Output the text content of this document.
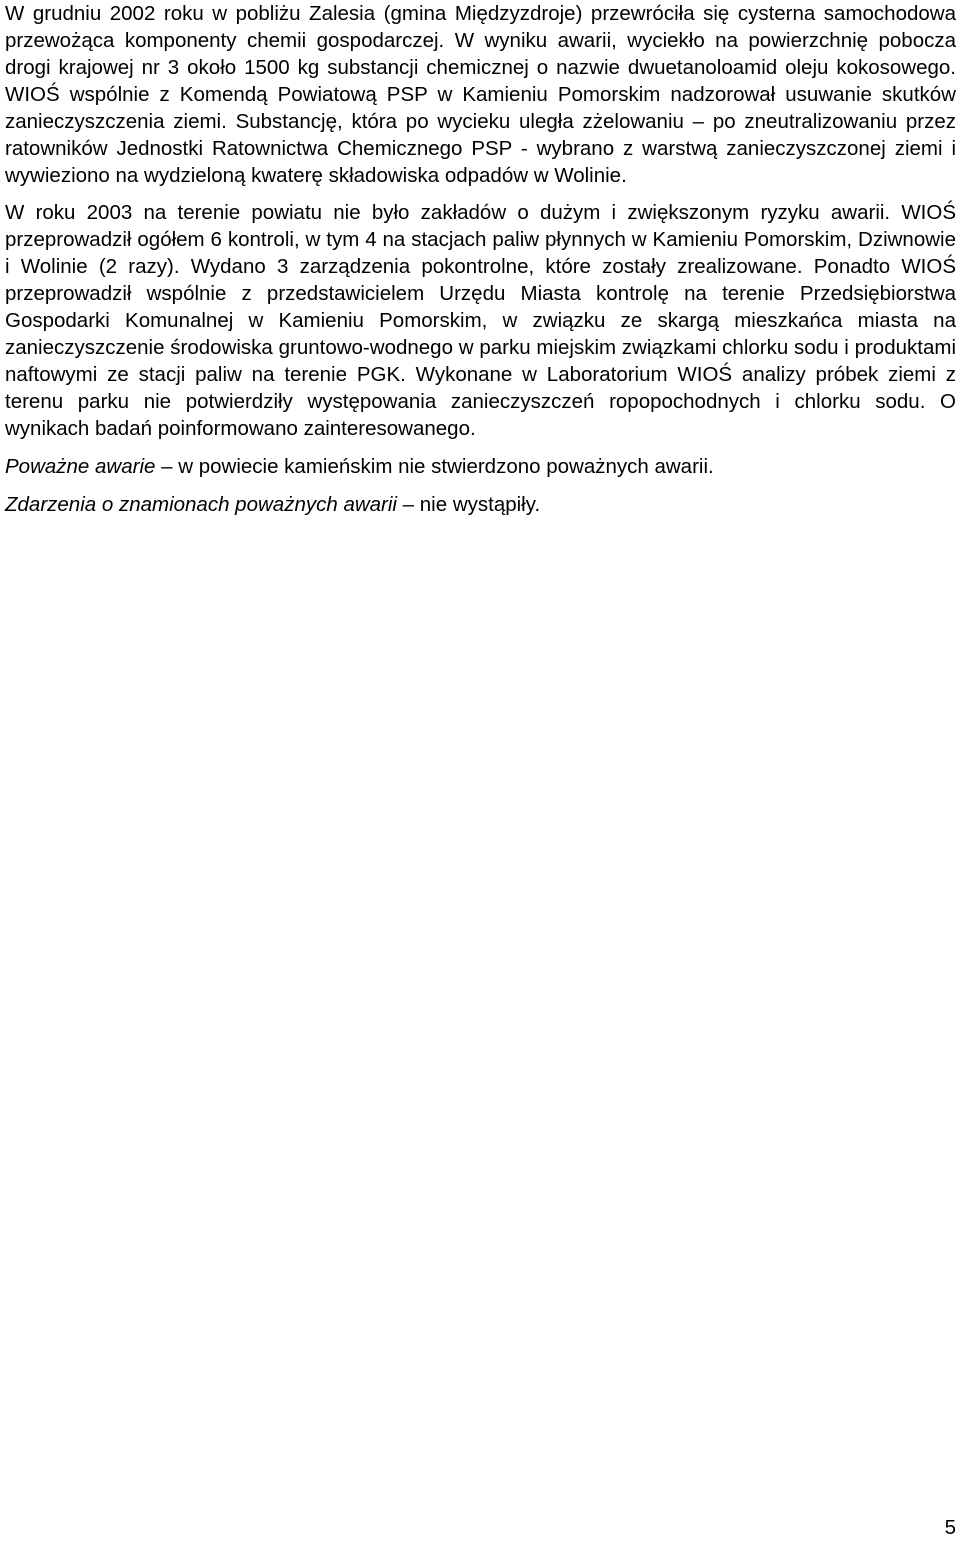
W grudniu 2002 roku w pobliżu Zalesia (gmina Międzyzdroje) przewróciła się cysterna samochodowa przewożąca komponenty chemii gospodarczej. W wyniku awarii, wyciekło na powierzchnię pobocza drogi krajowej nr 3 około 1500 kg substancji chemicznej o nazwie dwuetanoloamid oleju kokosowego. WIOŚ wspólnie z Komendą Powiatową PSP w Kamieniu Pomorskim nadzorował usuwanie skutków zanieczyszczenia ziemi. Substancję, która po wycieku uległa zżelowaniu – po zneutralizowaniu przez ratowników Jednostki Ratownictwa Chemicznego PSP - wybrano z warstwą zanieczyszczonej ziemi i wywieziono na wydzieloną kwaterę składowiska odpadów w Wolinie.

W roku 2003 na terenie powiatu nie było zakładów o dużym i zwiększonym ryzyku awarii. WIOŚ przeprowadził ogółem 6 kontroli, w tym 4 na stacjach paliw płynnych w Kamieniu Pomorskim, Dziwnowie i Wolinie (2 razy). Wydano 3 zarządzenia pokontrolne, które zostały zrealizowane. Ponadto WIOŚ przeprowadził wspólnie z przedstawicielem Urzędu Miasta kontrolę na terenie Przedsiębiorstwa Gospodarki Komunalnej w Kamieniu Pomorskim, w związku ze skargą mieszkańca miasta na zanieczyszczenie środowiska gruntowo-wodnego w parku miejskim związkami chlorku sodu i produktami naftowymi ze stacji paliw na terenie PGK. Wykonane w Laboratorium WIOŚ analizy próbek ziemi z terenu parku nie potwierdziły występowania zanieczyszczeń ropopochodnych i chlorku sodu. O wynikach badań poinformowano zainteresowanego.

Poważne awarie – w powiecie kamieńskim nie stwierdzono poważnych awarii.

Zdarzenia o znamionach poważnych awarii – nie wystąpiły.

5
